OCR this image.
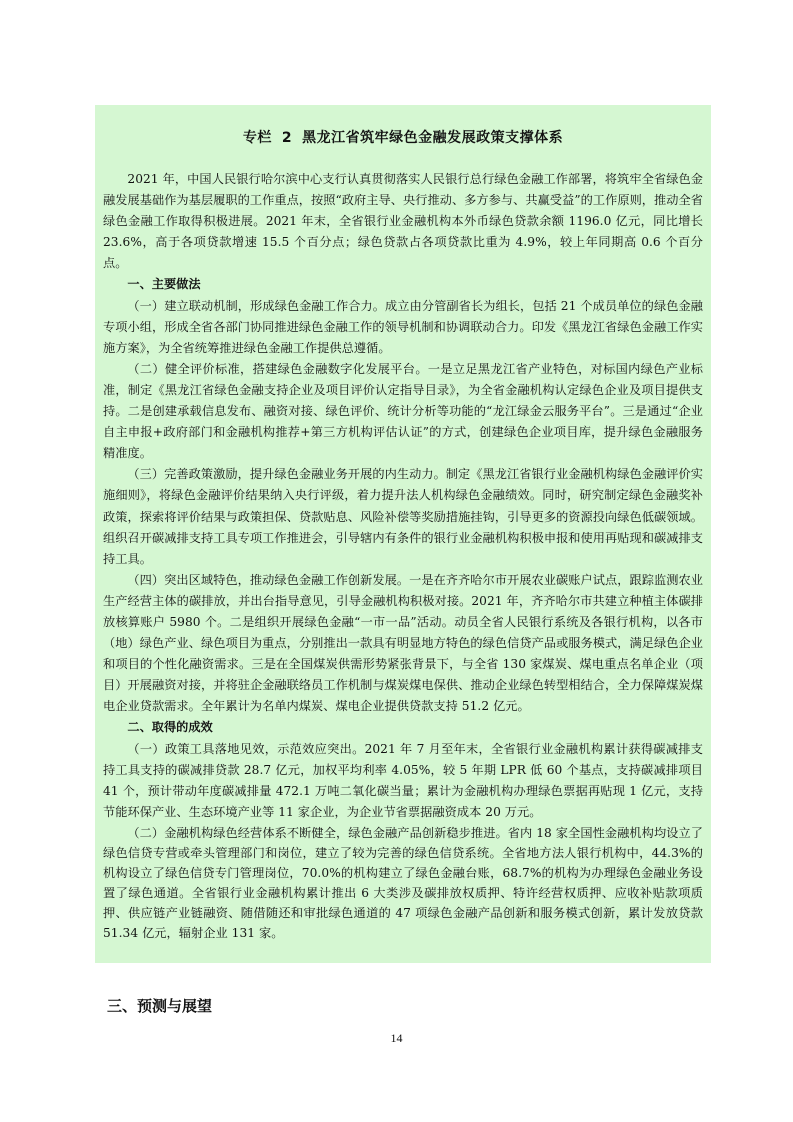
专栏 2 黑龙江省筑牢绿色金融发展政策支撑体系

2021 年，中国人民银行哈尔滨中心支行认真贯彻落实人民银行总行绿色金融工作部署，将筑牢全省绿色金融发展基础作为基层履职的工作重点，按照“政府主导、央行推动、多方参与、共赢受益”的工作原则，推动全省绿色金融工作取得积极进展。2021 年末，全省银行业金融机构本外币绿色贷款余额 1196.0 亿元，同比增长 23.6%，高于各项贷款增速 15.5 个百分点；绿色贷款占各项贷款比重为 4.9%，较上年同期高 0.6 个百分点。

一、主要做法

（一）建立联动机制，形成绿色金融工作合力。成立由分管副省长为组长，包括 21 个成员单位的绿色金融专项小组，形成全省各部门协同推进绿色金融工作的领导机制和协调联动合力。印发《黑龙江省绿色金融工作实施方案》，为全省统筹推进绿色金融工作提供总遵循。

（二）健全评价标准，搭建绿色金融数字化发展平台。一是立足黑龙江省产业特色，对标国内绿色产业标准，制定《黑龙江省绿色金融支持企业及项目评价认定指导目录》，为全省金融机构认定绿色企业及项目提供支持。二是创建承载信息发布、融资对接、绿色评价、统计分析等功能的“龙江绿金云服务平台”。三是通过“企业自主申报+政府部门和金融机构推荐+第三方机构评估认证”的方式，创建绿色企业项目库，提升绿色金融服务精准度。

（三）完善政策激励，提升绿色金融业务开展的内生动力。制定《黑龙江省银行业金融机构绿色金融评价实施细则》，将绿色金融评价结果纳入央行评级，着力提升法人机构绿色金融绩效。同时，研究制定绿色金融奖补政策，探索将评价结果与政策担保、贷款贴息、风险补偿等奖励措施挂钩，引导更多的资源投向绿色低碳领域。组织召开碳减排支持工具专项工作推进会，引导辖内有条件的银行业金融机构积极申报和使用再贴现和碳减排支持工具。

（四）突出区域特色，推动绿色金融工作创新发展。一是在齐齐哈尔市开展农业碳账户试点，跟踪监测农业生产经营主体的碳排放，并出台指导意见，引导金融机构积极对接。2021 年，齐齐哈尔市共建立种植主体碳排放核算账户 5980 个。二是组织开展绿色金融“一市一品”活动。动员全省人民银行系统及各银行机构，以各市（地）绿色产业、绿色项目为重点，分别推出一款具有明显地方特色的绿色信贷产品或服务模式，满足绿色企业和项目的个性化融资需求。三是在全国煤炭供需形势紧张背景下，与全省 130 家煤炭、煤电重点名单企业（项目）开展融资对接，并将驻企金融联络员工作机制与煤炭煤电保供、推动企业绿色转型相结合，全力保障煤炭煤电企业贷款需求。全年累计为名单内煤炭、煤电企业提供贷款支持 51.2 亿元。

二、取得的成效

（一）政策工具落地见效，示范效应突出。2021 年 7 月至年末，全省银行业金融机构累计获得碳减排支持工具支持的碳减排贷款 28.7 亿元，加权平均利率 4.05%，较 5 年期 LPR 低 60 个基点，支持碳减排项目 41 个，预计带动年度碳减排量 472.1 万吨二氧化碳当量；累计为金融机构办理绿色票据再贴现 1 亿元，支持节能环保产业、生态环境产业等 11 家企业，为企业节省票据融资成本 20 万元。

（二）金融机构绿色经营体系不断健全，绿色金融产品创新稳步推进。省内 18 家全国性金融机构均设立了绿色信贷专营或牵头管理部门和岗位，建立了较为完善的绿色信贷系统。全省地方法人银行机构中，44.3%的机构设立了绿色信贷专门管理岗位，70.0%的机构建立了绿色金融台账，68.7%的机构为办理绿色金融业务设置了绿色通道。全省银行业金融机构累计推出 6 大类涉及碳排放权质押、特许经营权质押、应收补贴款项质押、供应链产业链融资、随借随还和审批绿色通道的 47 项绿色金融产品创新和服务模式创新，累计发放贷款 51.34 亿元，辐射企业 131 家。

三、预测与展望
14
